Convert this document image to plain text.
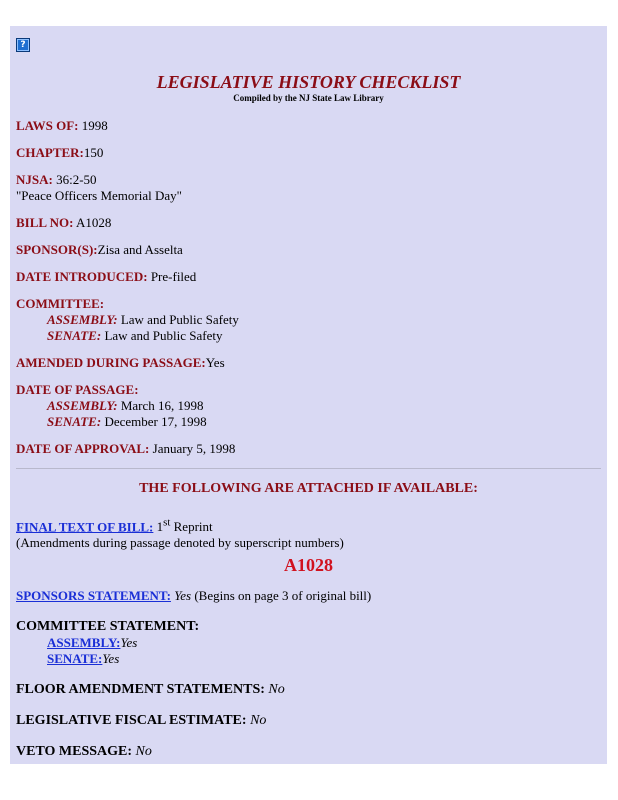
?
LEGISLATIVE HISTORY CHECKLIST
Compiled by the NJ State Law Library
LAWS OF: 1998
CHAPTER:150
NJSA: 36:2-50
"Peace Officers Memorial Day"
BILL NO: A1028
SPONSOR(S):Zisa and Asselta
DATE INTRODUCED: Pre-filed
COMMITTEE:
ASSEMBLY: Law and Public Safety
SENATE: Law and Public Safety
AMENDED DURING PASSAGE:Yes
DATE OF PASSAGE:
ASSEMBLY: March 16, 1998
SENATE: December 17, 1998
DATE OF APPROVAL: January 5, 1998
THE FOLLOWING ARE ATTACHED IF AVAILABLE:
FINAL TEXT OF BILL: 1st Reprint
(Amendments during passage denoted by superscript numbers)
A1028
SPONSORS STATEMENT: Yes (Begins on page 3 of original bill)
COMMITTEE STATEMENT:
ASSEMBLY:Yes
SENATE:Yes
FLOOR AMENDMENT STATEMENTS: No
LEGISLATIVE FISCAL ESTIMATE: No
VETO MESSAGE: No
